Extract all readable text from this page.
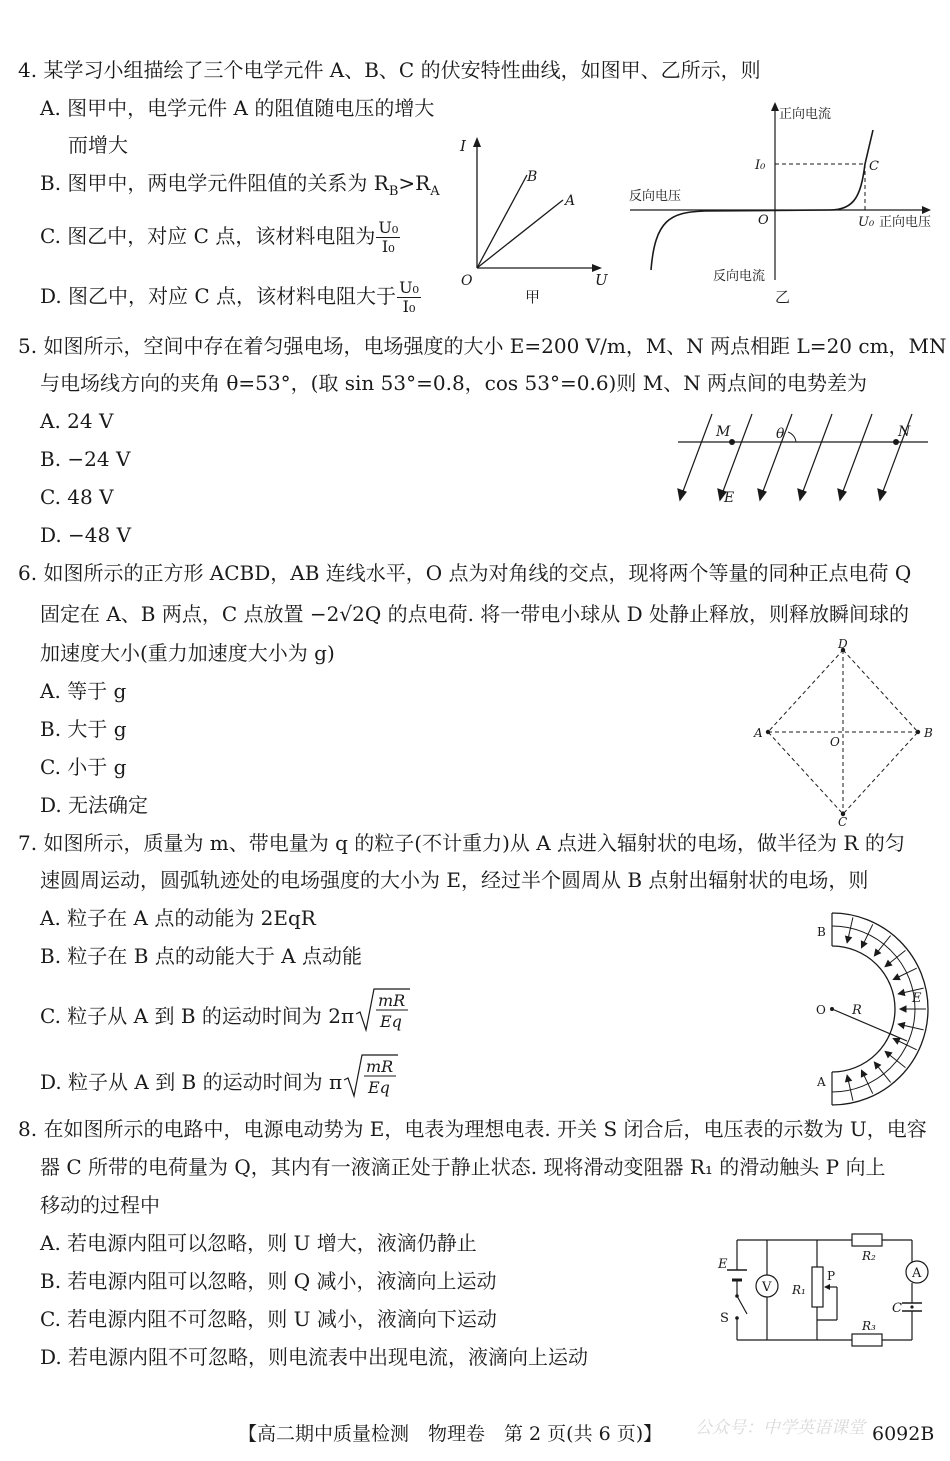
4. 某学习小组描绘了三个电学元件 A、B、C 的伏安特性曲线，如图甲、乙所示，则
A. 图甲中，电学元件 A 的阻值随电压的增大
而增大
B. 图甲中，两电学元件阻值的关系为 $R_B>R_A$
C. 图乙中，对应 C 点，该材料电阻为 $\frac{\text{U₀}}{\text{I₀}}$
D. 图乙中，对应 C 点，该材料电阻大于 $\frac{\text{U₀}}{\text{I₀}}$
I
U
O
B
A
甲
正向电流
反向电流
反向电压
正向电压
O
I₀
U₀
C
乙
5. 如图所示，空间中存在着匀强电场，电场强度的大小 E=200 V/m，M、N 两点相距 L=20 cm，MN
与电场线方向的夹角 θ=53°，(取 sin 53°=0.8，cos 53°=0.6)则 M、N 两点间的电势差为
A. 24 V
B. −24 V
C. 48 V
D. −48 V
M	N
θ
E
6. 如图所示的正方形 ACBD，AB 连线水平，O 点为对角线的交点，现将两个等量的同种正点电荷 Q
固定在 A、B 两点，C 点放置 −2√2Q 的点电荷. 将一带电小球从 D 处静止释放，则释放瞬间球的
加速度大小(重力加速度大小为 g)
A. 等于 g
B. 大于 g
C. 小于 g
D. 无法确定
A	B
D
C
O
7. 如图所示，质量为 m、带电量为 q 的粒子(不计重力)从 A 点进入辐射状的电场，做半径为 R 的匀
速圆周运动，圆弧轨迹处的电场强度的大小为 E，经过半个圆周从 B 点射出辐射状的电场，则
A. 粒子在 A 点的动能为 2EqR
B. 粒子在 B 点的动能大于 A 点动能
C. 粒子从 A 到 B 的运动时间为 2π
mR
Eq
D. 粒子从 A 到 B 的运动时间为 π
mR
Eq
O
B
A
R
E
8. 在如图所示的电路中，电源电动势为 E，电表为理想电表. 开关 S 闭合后，电压表的示数为 U，电容
器 C 所带的电荷量为 Q，其内有一液滴正处于静止状态. 现将滑动变阻器 R₁ 的滑动触头 P 向上
移动的过程中
A. 若电源内阻可以忽略，则 U 增大，液滴仍静止
B. 若电源内阻可以忽略，则 Q 减小，液滴向上运动
C. 若电源内阻不可忽略，则 U 减小，液滴向下运动
D. 若电源内阻不可忽略，则电流表中出现电流，液滴向上运动
E
S
V R₁
P
R₂
R₃
A
C
公众号：中学英语课堂
【高二期中质量检测　物理卷　第 2 页(共 6 页)】	6092B
